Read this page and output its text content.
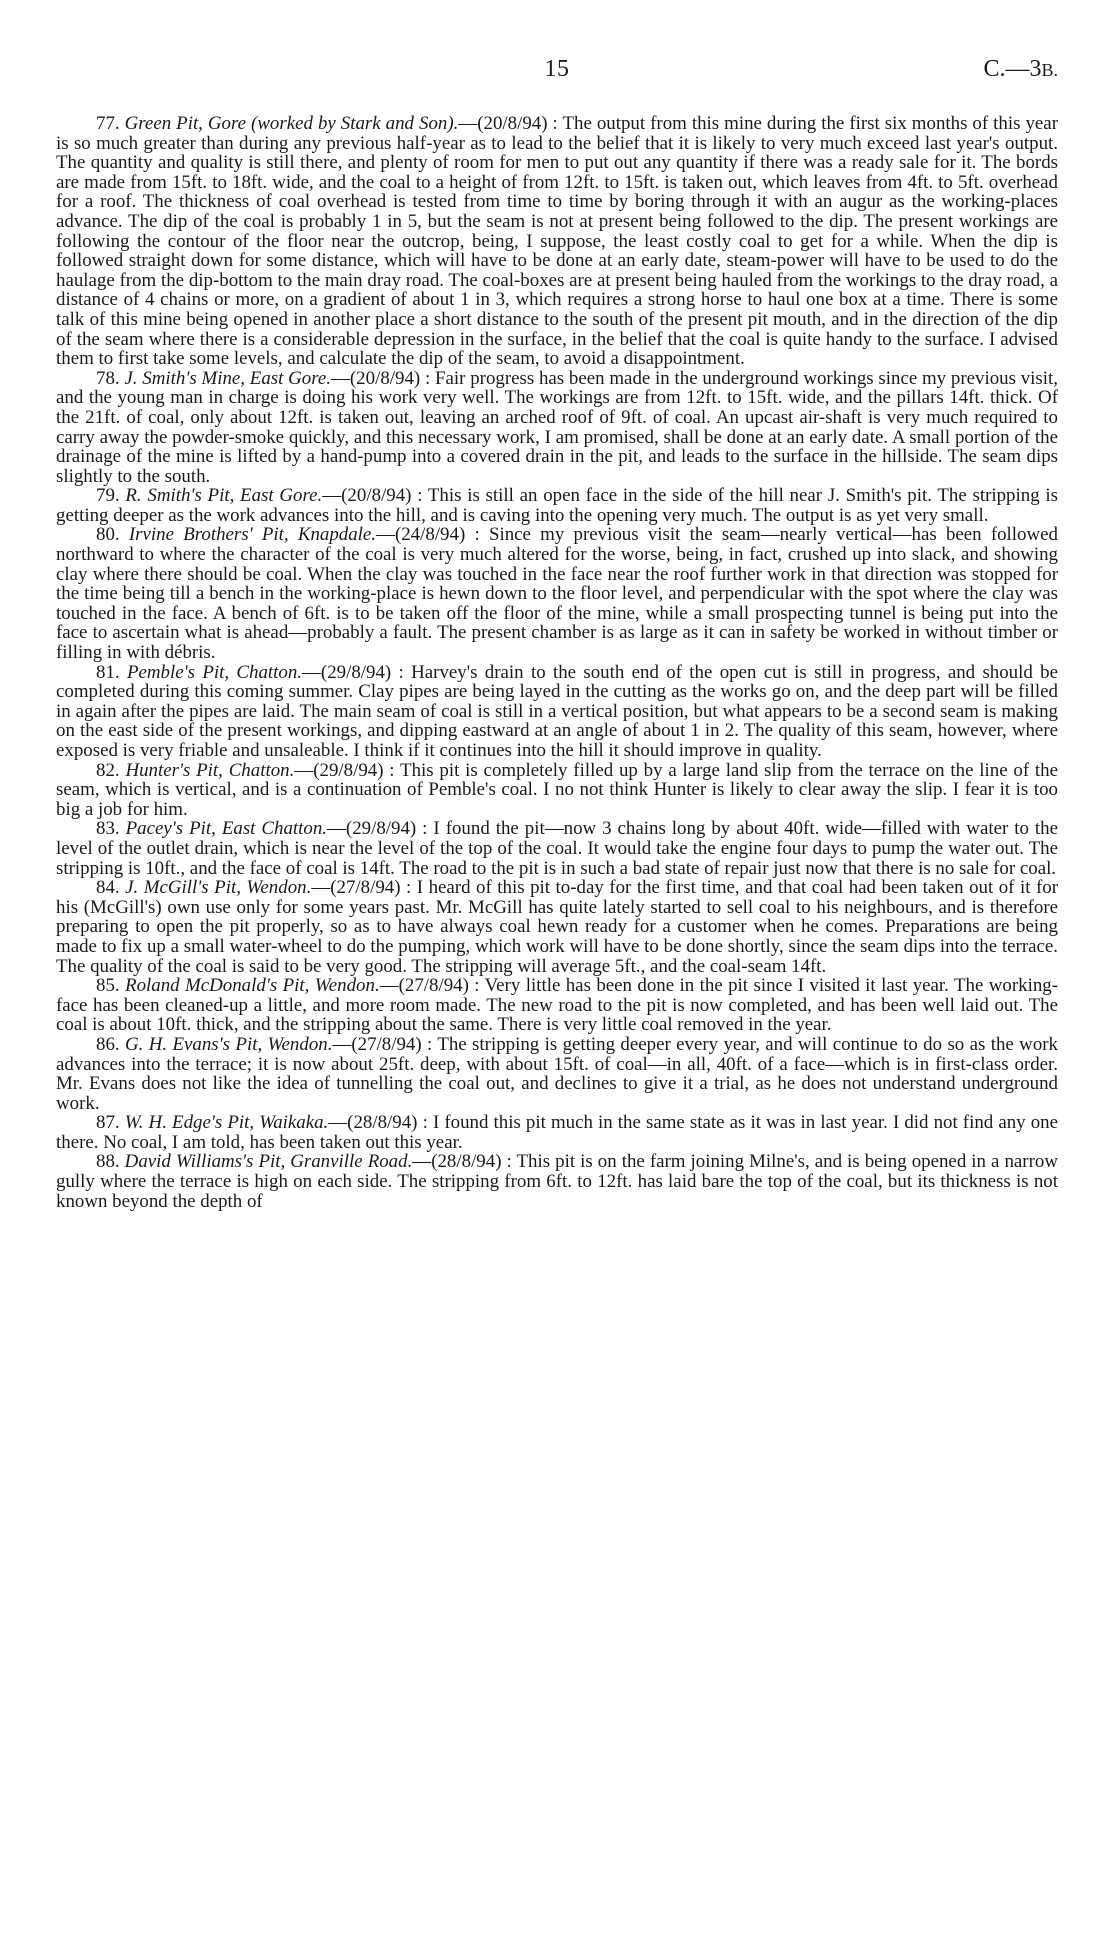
15	C.—3B.

77. Green Pit, Gore (worked by Stark and Son).—(20/8/94) : The output from this mine during the first six months of this year is so much greater than during any previous half-year as to lead to the belief that it is likely to very much exceed last year's output. The quantity and quality is still there, and plenty of room for men to put out any quantity if there was a ready sale for it. The bords are made from 15ft. to 18ft. wide, and the coal to a height of from 12ft. to 15ft. is taken out, which leaves from 4ft. to 5ft. overhead for a roof. The thickness of coal overhead is tested from time to time by boring through it with an augur as the working-places advance. The dip of the coal is probably 1 in 5, but the seam is not at present being followed to the dip. The present workings are following the contour of the floor near the outcrop, being, I suppose, the least costly coal to get for a while. When the dip is followed straight down for some distance, which will have to be done at an early date, steam-power will have to be used to do the haulage from the dip-bottom to the main dray road. The coal-boxes are at present being hauled from the workings to the dray road, a distance of 4 chains or more, on a gradient of about 1 in 3, which requires a strong horse to haul one box at a time. There is some talk of this mine being opened in another place a short distance to the south of the present pit mouth, and in the direction of the dip of the seam where there is a considerable depression in the surface, in the belief that the coal is quite handy to the surface. I advised them to first take some levels, and calculate the dip of the seam, to avoid a disappointment.

78. J. Smith's Mine, East Gore.—(20/8/94) : Fair progress has been made in the underground workings since my previous visit, and the young man in charge is doing his work very well. The workings are from 12ft. to 15ft. wide, and the pillars 14ft. thick. Of the 21ft. of coal, only about 12ft. is taken out, leaving an arched roof of 9ft. of coal. An upcast air-shaft is very much required to carry away the powder-smoke quickly, and this necessary work, I am promised, shall be done at an early date. A small portion of the drainage of the mine is lifted by a hand-pump into a covered drain in the pit, and leads to the surface in the hillside. The seam dips slightly to the south.

79. R. Smith's Pit, East Gore.—(20/8/94) : This is still an open face in the side of the hill near J. Smith's pit. The stripping is getting deeper as the work advances into the hill, and is caving into the opening very much. The output is as yet very small.

80. Irvine Brothers' Pit, Knapdale.—(24/8/94) : Since my previous visit the seam—nearly vertical—has been followed northward to where the character of the coal is very much altered for the worse, being, in fact, crushed up into slack, and showing clay where there should be coal. When the clay was touched in the face near the roof further work in that direction was stopped for the time being till a bench in the working-place is hewn down to the floor level, and perpendicular with the spot where the clay was touched in the face. A bench of 6ft. is to be taken off the floor of the mine, while a small prospecting tunnel is being put into the face to ascertain what is ahead—probably a fault. The present chamber is as large as it can in safety be worked in without timber or filling in with débris.

81. Pemble's Pit, Chatton.—(29/8/94) : Harvey's drain to the south end of the open cut is still in progress, and should be completed during this coming summer. Clay pipes are being layed in the cutting as the works go on, and the deep part will be filled in again after the pipes are laid. The main seam of coal is still in a vertical position, but what appears to be a second seam is making on the east side of the present workings, and dipping eastward at an angle of about 1 in 2. The quality of this seam, however, where exposed is very friable and unsaleable. I think if it continues into the hill it should improve in quality.

82. Hunter's Pit, Chatton.—(29/8/94) : This pit is completely filled up by a large land slip from the terrace on the line of the seam, which is vertical, and is a continuation of Pemble's coal. I no not think Hunter is likely to clear away the slip. I fear it is too big a job for him.

83. Pacey's Pit, East Chatton.—(29/8/94) : I found the pit—now 3 chains long by about 40ft. wide—filled with water to the level of the outlet drain, which is near the level of the top of the coal. It would take the engine four days to pump the water out. The stripping is 10ft., and the face of coal is 14ft. The road to the pit is in such a bad state of repair just now that there is no sale for coal.

84. J. McGill's Pit, Wendon.—(27/8/94) : I heard of this pit to-day for the first time, and that coal had been taken out of it for his (McGill's) own use only for some years past. Mr. McGill has quite lately started to sell coal to his neighbours, and is therefore preparing to open the pit properly, so as to have always coal hewn ready for a customer when he comes. Preparations are being made to fix up a small water-wheel to do the pumping, which work will have to be done shortly, since the seam dips into the terrace. The quality of the coal is said to be very good. The stripping will average 5ft., and the coal-seam 14ft.

85. Roland McDonald's Pit, Wendon.—(27/8/94) : Very little has been done in the pit since I visited it last year. The working-face has been cleaned-up a little, and more room made. The new road to the pit is now completed, and has been well laid out. The coal is about 10ft. thick, and the stripping about the same. There is very little coal removed in the year.

86. G. H. Evans's Pit, Wendon.—(27/8/94) : The stripping is getting deeper every year, and will continue to do so as the work advances into the terrace; it is now about 25ft. deep, with about 15ft. of coal—in all, 40ft. of a face—which is in first-class order. Mr. Evans does not like the idea of tunnelling the coal out, and declines to give it a trial, as he does not understand underground work.

87. W. H. Edge's Pit, Waikaka.—(28/8/94) : I found this pit much in the same state as it was in last year. I did not find any one there. No coal, I am told, has been taken out this year.

88. David Williams's Pit, Granville Road.—(28/8/94) : This pit is on the farm joining Milne's, and is being opened in a narrow gully where the terrace is high on each side. The stripping from 6ft. to 12ft. has laid bare the top of the coal, but its thickness is not known beyond the depth of
